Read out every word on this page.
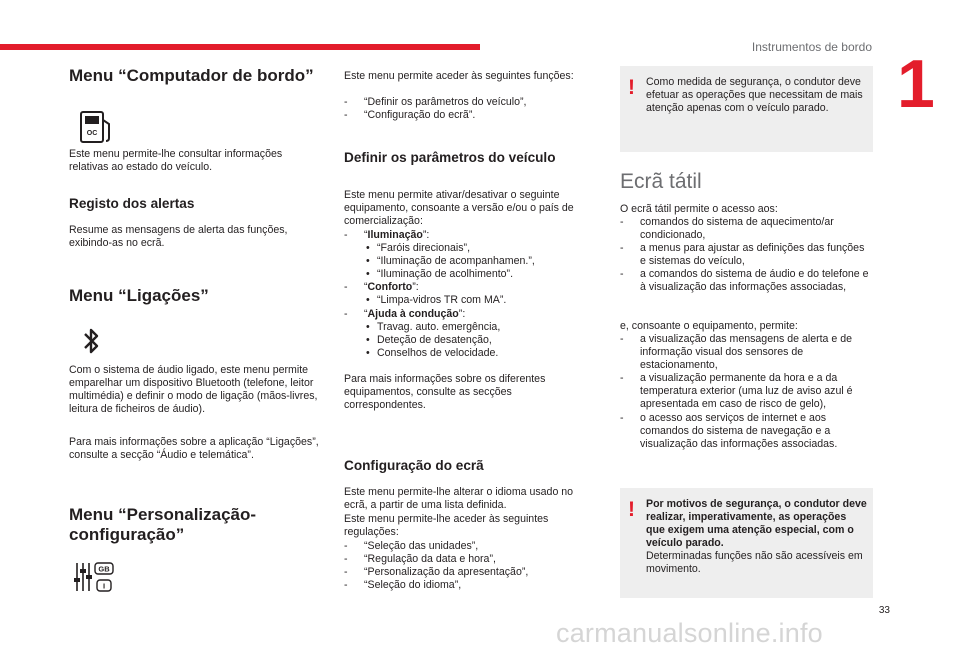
Instrumentos de bordo 1
33
carmanualsonline.info
Menu “Computador de bordo”
OC
Este menu permite-lhe consultar informações relativas ao estado do veículo.
Registo dos alertas
Resume as mensagens de alerta das funções, exibindo-as no ecrã.
Menu “Ligações”
Com o sistema de áudio ligado, este menu permite emparelhar um dispositivo Bluetooth (telefone, leitor multimédia) e definir o modo de ligação (mãos-livres, leitura de ficheiros de áudio).
Para mais informações sobre a aplicação “Ligações”, consulte a secção “Áudio e telemática”.
Menu “Personalização-configuração”
GB
I
Este menu permite aceder às seguintes funções:
- “Definir os parâmetros do veículo”,
- “Configuração do ecrã”.
Definir os parâmetros do veículo
Este menu permite ativar/desativar o seguinte equipamento, consoante a versão e/ou o país de comercialização:
- “Iluminação”:
• “Faróis direcionais”,
• “Iluminação de acompanhamen.”,
• “Iluminação de acolhimento”.
- “Conforto”:
• “Limpa-vidros TR com MA”.
- “Ajuda à condução”:
• Travag. auto. emergência,
• Deteção de desatenção,
• Conselhos de velocidade.
Para mais informações sobre os diferentes equipamentos, consulte as secções correspondentes.
Configuração do ecrã
Este menu permite-lhe alterar o idioma usado no ecrã, a partir de uma lista definida.
Este menu permite-lhe aceder às seguintes regulações:
- “Seleção das unidades”,
- “Regulação da data e hora”,
- “Personalização da apresentação”,
- “Seleção do idioma”,
! Como medida de segurança, o condutor deve efetuar as operações que necessitam de mais atenção apenas com o veículo parado.
Ecrã tátil
O ecrã tátil permite o acesso aos:
- comandos do sistema de aquecimento/ar condicionado,
- a menus para ajustar as definições das funções e sistemas do veículo,
- a comandos do sistema de áudio e do telefone e à visualização das informações associadas,
e, consoante o equipamento, permite:
- a visualização das mensagens de alerta e de informação visual dos sensores de estacionamento,
- a visualização permanente da hora e a da temperatura exterior (uma luz de aviso azul é apresentada em caso de risco de gelo),
- o acesso aos serviços de internet e aos comandos do sistema de navegação e a visualização das informações associadas.
! Por motivos de segurança, o condutor deve realizar, imperativamente, as operações que exigem uma atenção especial, com o veículo parado.
Determinadas funções não são acessíveis em movimento.
